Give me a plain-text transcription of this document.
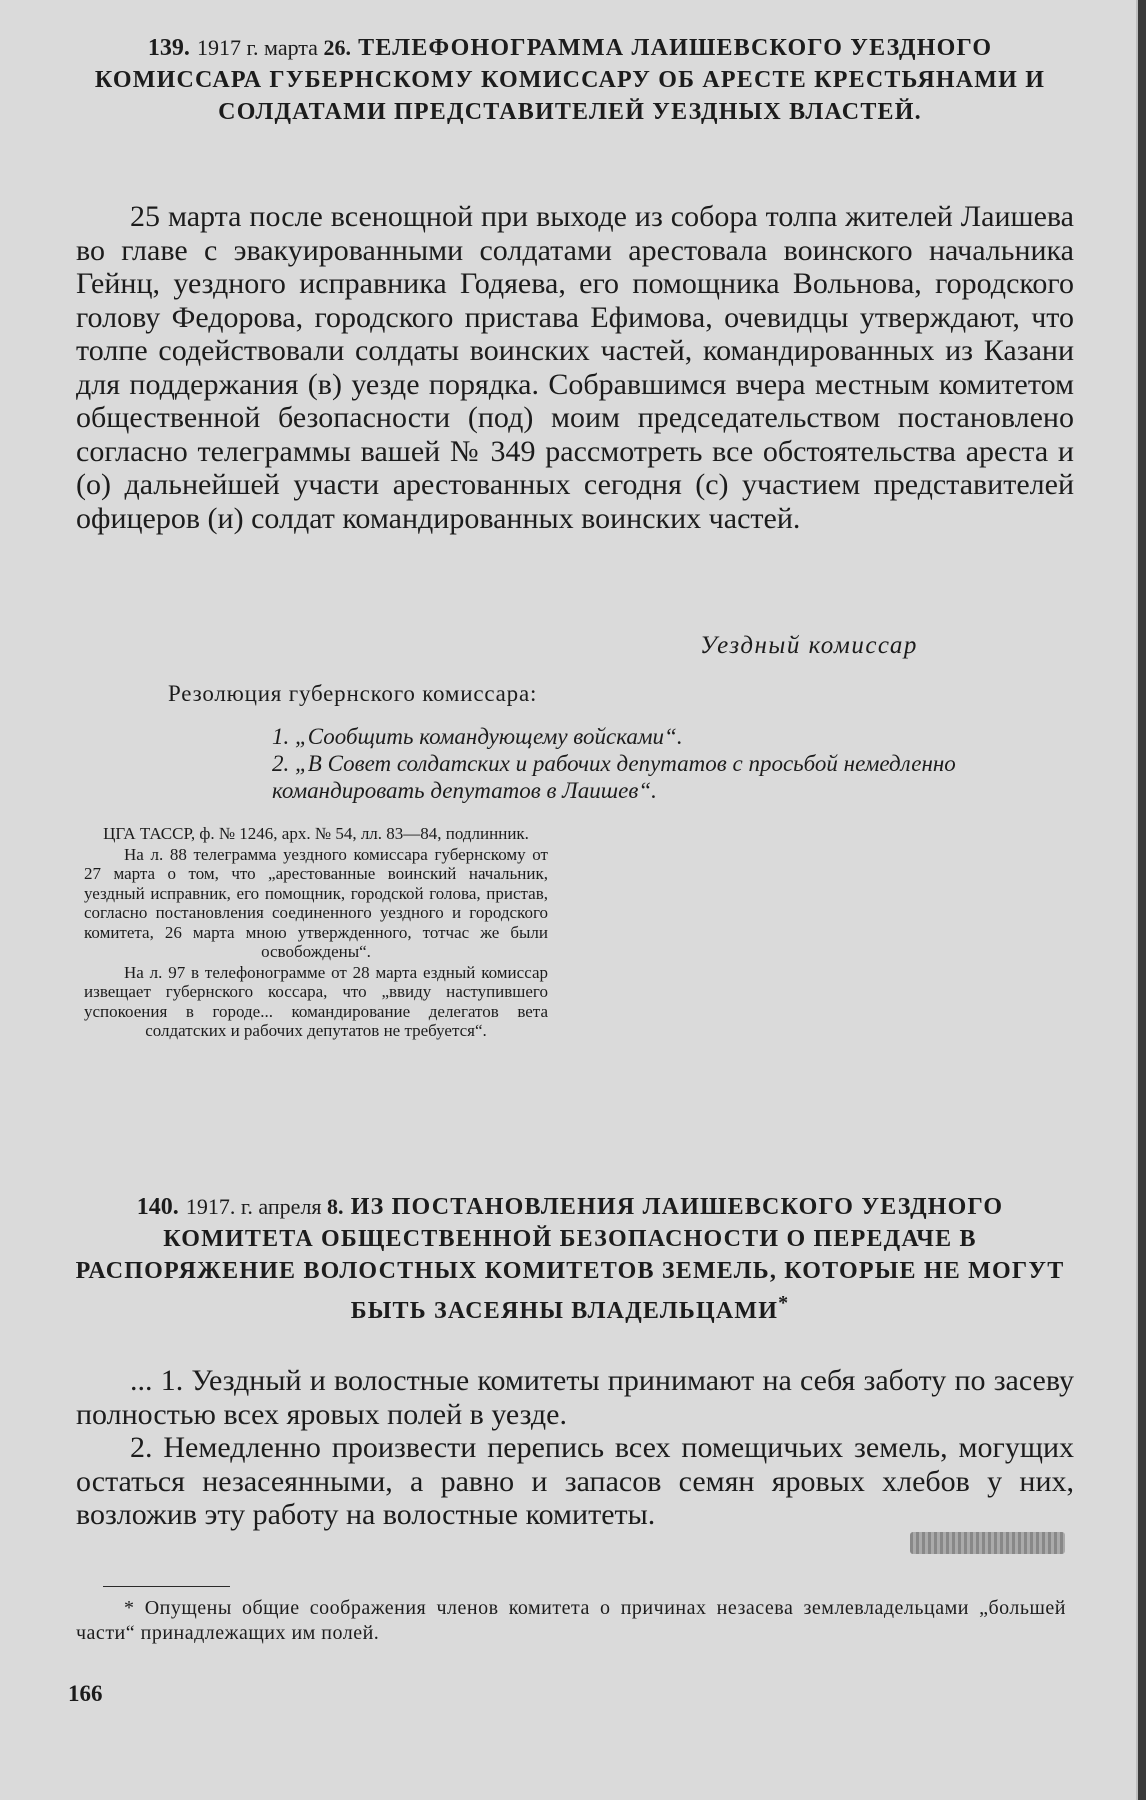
139. 1917 г. марта 26. ТЕЛЕФОНОГРАММА ЛАИШЕВСКОГО УЕЗДНОГО КОМИССАРА ГУБЕРНСКОМУ КОМИССАРУ ОБ АРЕСТЕ КРЕСТЬЯНАМИ И СОЛДАТАМИ ПРЕДСТАВИТЕЛЕЙ УЕЗДНЫХ ВЛАСТЕЙ.

25 марта после всенощной при выходе из собора толпа жителей Лаишева во главе с эвакуированными солдатами арестовала воинского начальника Гейнц, уездного исправника Годяева, его помощника Вольнова, городского голову Федорова, городского пристава Ефимова, очевидцы утверждают, что толпе содействовали солдаты воинских частей, командированных из Казани для поддержания (в) уезде порядка. Собравшимся вчера местным комитетом общественной безопасности (под) моим председательством постановлено согласно телеграммы вашей № 349 рассмотреть все обстоятельства ареста и (о) дальнейшей участи арестованных сегодня (с) участием представителей офицеров (и) солдат командированных воинских частей.

Уездный комиссар
Резолюция губернского комиссара:
1. „Сообщить командующему войсками“.
2. „В Совет солдатских и рабочих депутатов с просьбой немедленно командировать депутатов в Лаишев“.

ЦГА ТАССР, ф. № 1246, арх. № 54, лл. 83—84, подлинник.

На л. 88 телеграмма уездного комиссара губернскому от 27 марта о том, что „арестованные воинский начальник, уездный исправник, его помощник, городской голова, пристав, согласно постановления соединенного уездного и городского комитета, 26 марта мною утвержденного, тотчас же были освобождены“.

На л. 97 в телефонограмме от 28 марта ездный комиссар извещает губернского коссара, что „ввиду наступившего успокоения в городе... командирование делегатов вета солдатских и рабочих депутатов не требуется“.

140. 1917. г. апреля 8. ИЗ ПОСТАНОВЛЕНИЯ ЛАИШЕВСКОГО УЕЗДНОГО КОМИТЕТА ОБЩЕСТВЕННОЙ БЕЗОПАСНОСТИ О ПЕРЕДАЧЕ В РАСПОРЯЖЕНИЕ ВОЛОСТНЫХ КОМИТЕТОВ ЗЕМЕЛЬ, КОТОРЫЕ НЕ МОГУТ БЫТЬ ЗАСЕЯНЫ ВЛАДЕЛЬЦАМИ*

... 1. Уездный и волостные комитеты принимают на себя заботу по засеву полностью всех яровых полей в уезде.

2. Немедленно произвести перепись всех помещичьих земель, могущих остаться незасеянными, а равно и запасов семян яровых хлебов у них, возложив эту работу на волостные комитеты.

* Опущены общие соображения членов комитета о причинах незасева землевладельцами „большей части“ принадлежащих им полей.

166
